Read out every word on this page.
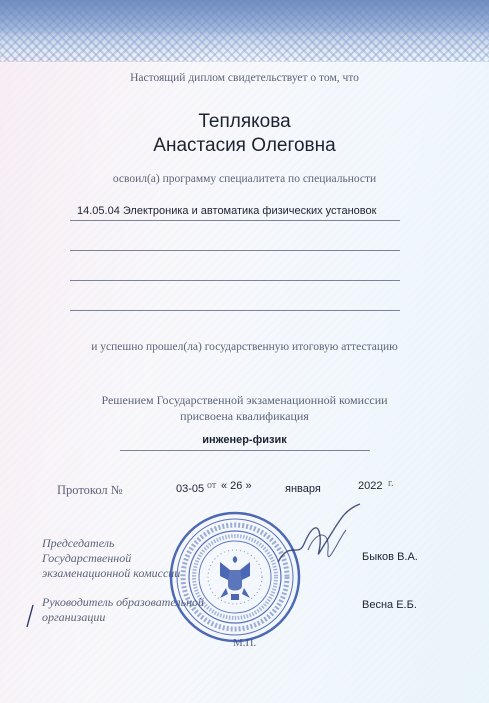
Настоящий диплом свидетельствует о том, что
Теплякова
Анастасия Олеговна
освоил(а) программу специалитета по специальности
14.05.04 Электроника и автоматика физических установок
и успешно прошел(ла) государственную итоговую аттестацию
Решением Государственной экзаменационной комиссии
присвоена квалификация
инженер-физик
Протокол №	03-05 от « 26 »	января	2022 г.
Председатель
Государственной
экзаменационной комиссии
Быков В.А.
Руководитель образовательной
организации
Весна Е.Б.
М.П.
